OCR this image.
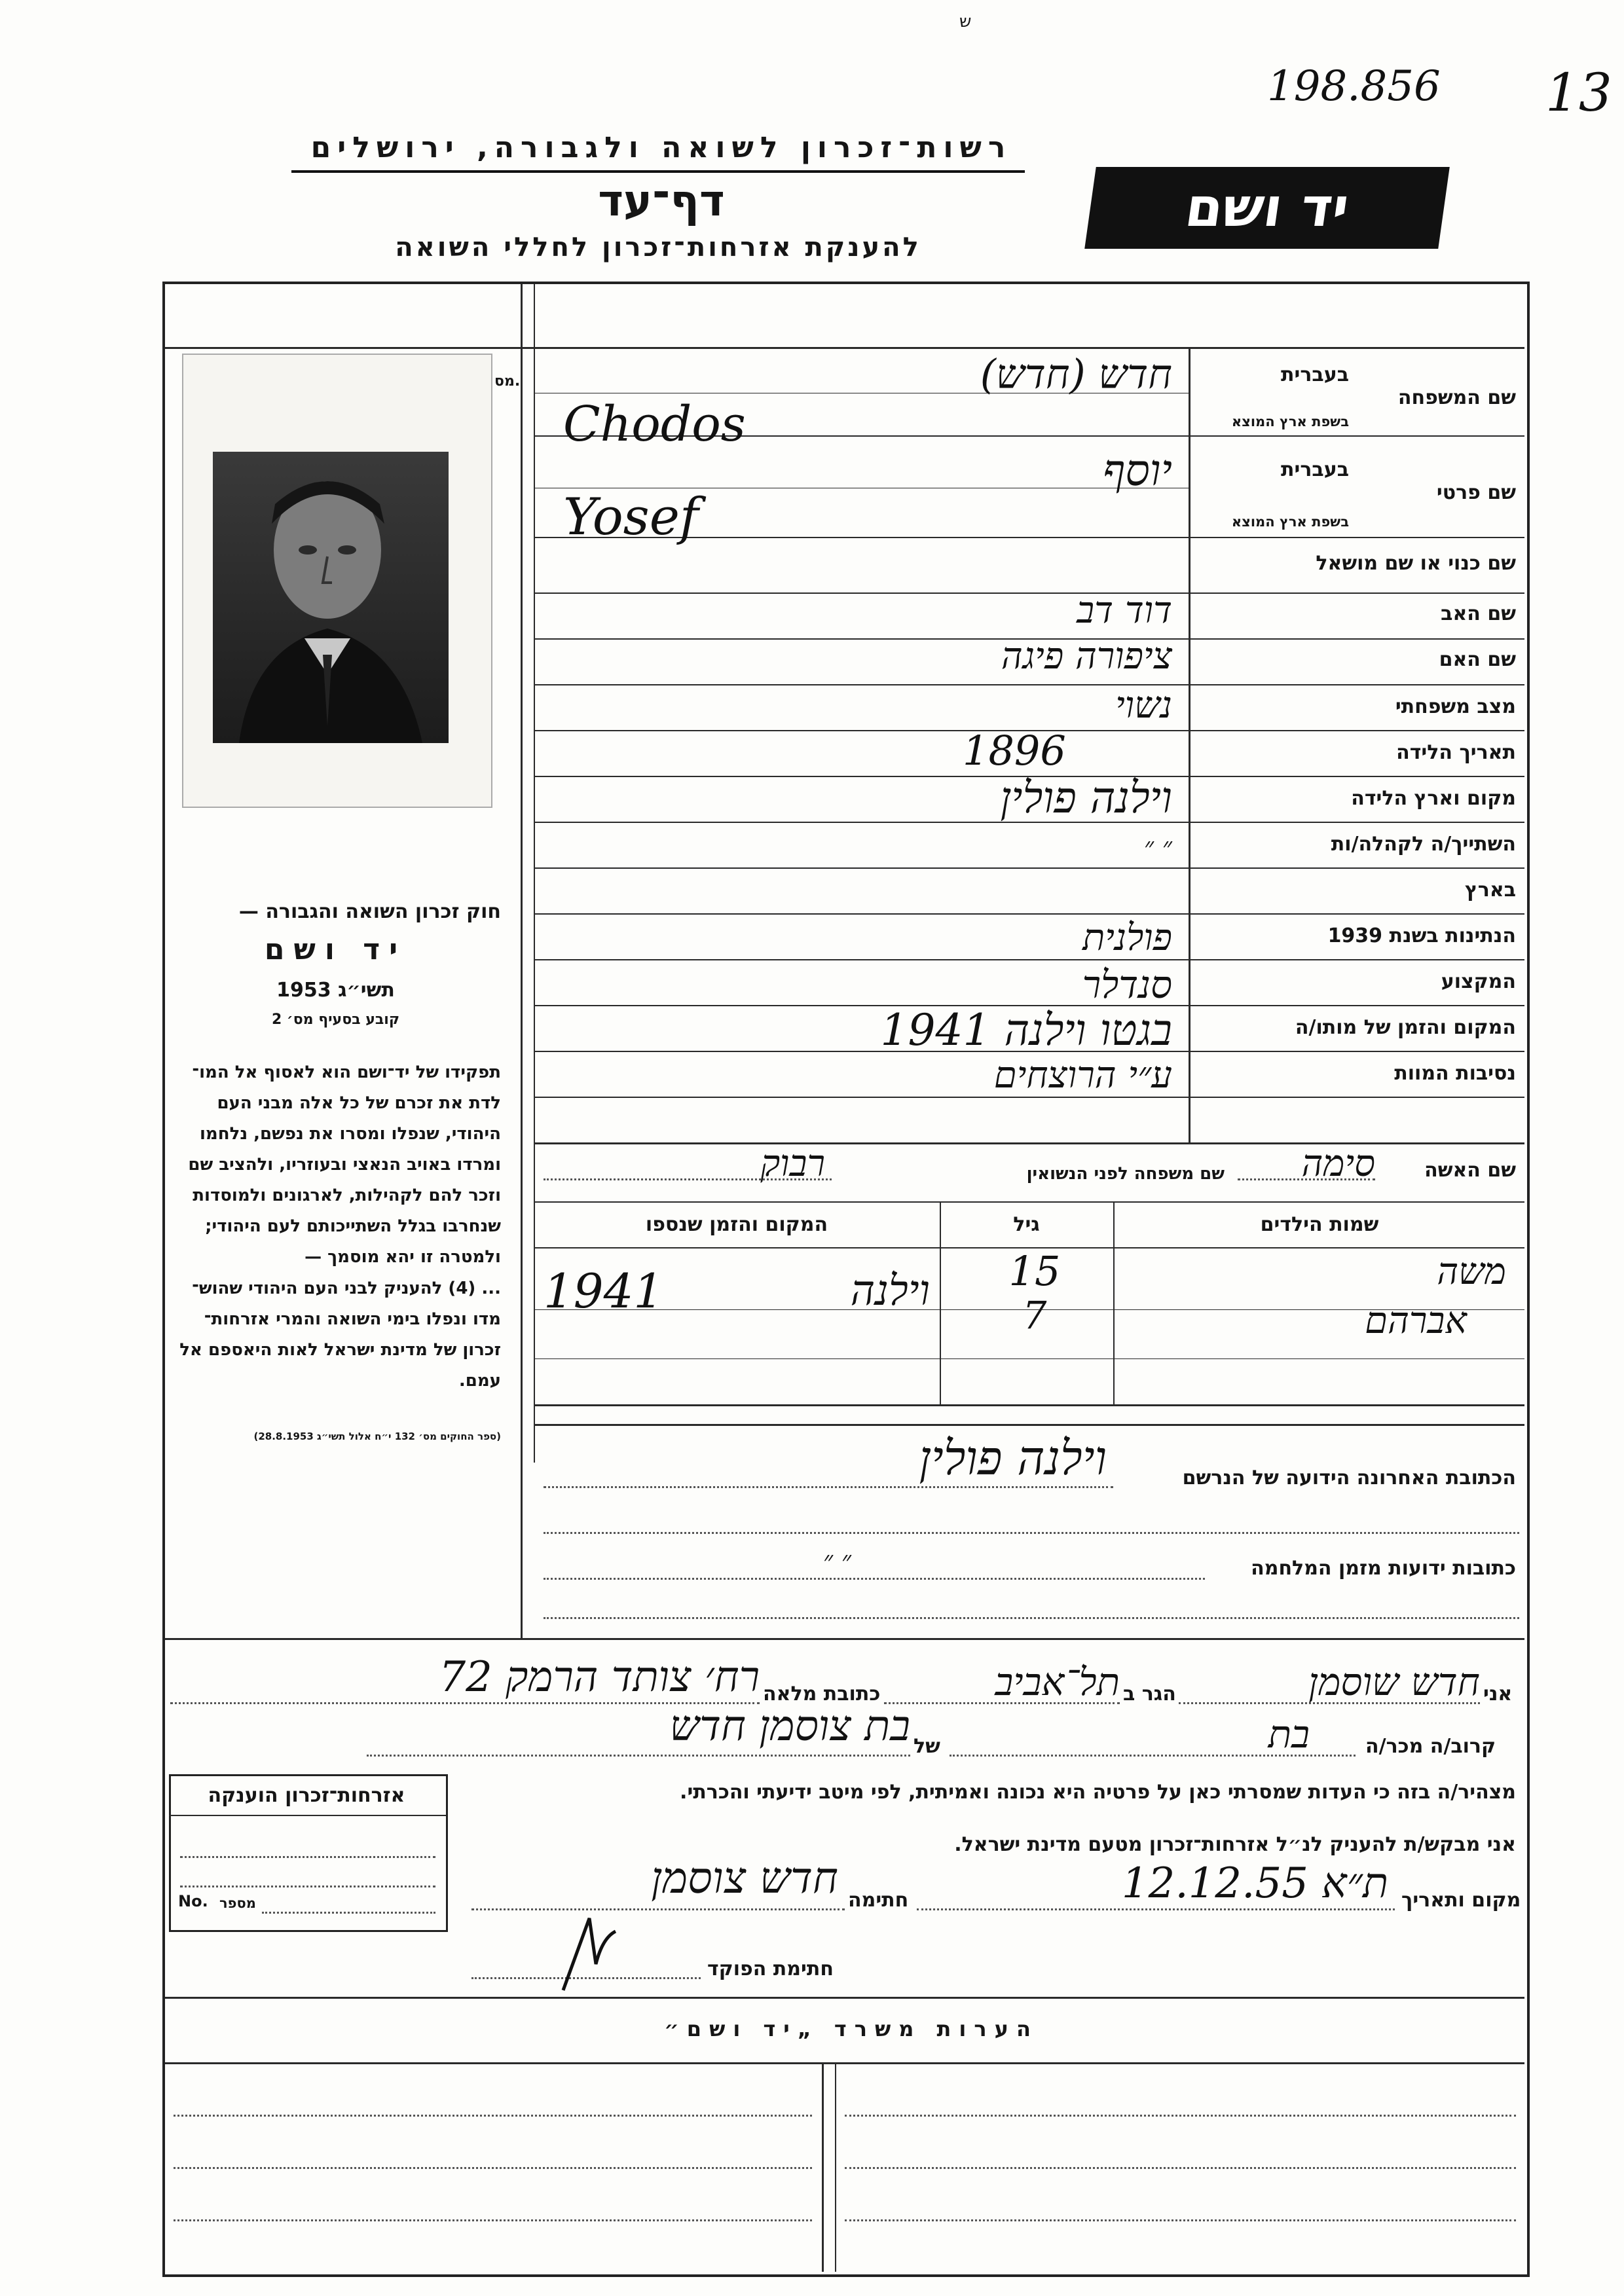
ש
198.856 13
רשות־זכרון לשואה ולגבורה, ירושלים
דף־עד
להענקת אזרחות־זכרון לחללי השואה
יד ושם
מס.
חוק זכרון השואה והגבורה —
יד ושם
תשי״ג 1953
קובע בסעיף מס׳ 2
תפקידו של יד־ושם הוא לאסוף אל המו־ לדת את זכרם של כל אלה מבני העם היהודי, שנפלו ומסרו את נפשם, נלחמו ומרדו באויב הנאצי ובעוזריו, ולהציב שם וזכר להם לקהילות, לארגונים ולמוסדות שנחרבו בגלל השתייכותם לעם היהודי; ולמטרה זו יהא מוסמך —
... (4) להעניק לבני העם היהודי שהוש־ מדו ונפלו בימי השואה והמרי אזרחות־ זכרון של מדינת ישראל לאות היאספם אל עמם.
(ספר החוקים מס׳ 132 י״ח אלול תשי״ג 28.8.1953)
בעברית
שם המשפחה
בשפת ארץ המוצא
בעברית
שם פרטי
בשפת ארץ המוצא
שם כנוי או שם מושאל
שם האב
שם האם
מצב משפחתי
תאריך הלידה
מקום וארץ הלידה
השתייך/ה לקהלה/ות
בארץ
הנתינות בשנת 1939
המקצוע
המקום והזמן של מותו/ה
נסיבות המוות
חדש (חדש)
Chodos
יוסף
Yosef
דוד דב
ציפורה פיגה
נשוי
1896
וילנה פולין
״ ״
פולנית
סנדלר
בגטו וילנה 1941
ע״י הרוצחים
שם האשה
סימה
שם משפחה לפני הנשואין
רבוק
שמות הילדים
גיל
המקום והזמן שנספו
משה
15
אברהם
7
וילנה
1941
הכתובת האחרונה הידועה של הנרשם
וילנה פולין
כתובות ידועות מזמן המלחמה
״ ״
אני
חדש שוסמן
הגר ב
תל־אביב
כתובת מלאה
רח׳ צותד הרמק 72
קרוב/ה מכר/ה
בת
של
בת צוסמן חדש
מצהיר/ה בזה כי העדות שמסרתי כאן על פרטיה היא נכונה ואמיתית, לפי מיטב ידיעתי והכרתי.
אני מבקש/ת להעניק לנ״ל אזרחות־זכרון מטעם מדינת ישראל.
אזרחות־זכרון הוענקה
No. מספר	מקום ותאריך
ת״א 12.12.55
חתימה
חדש צוסמן
חתימת הפוקד
הערות משרד „יד ושם״
